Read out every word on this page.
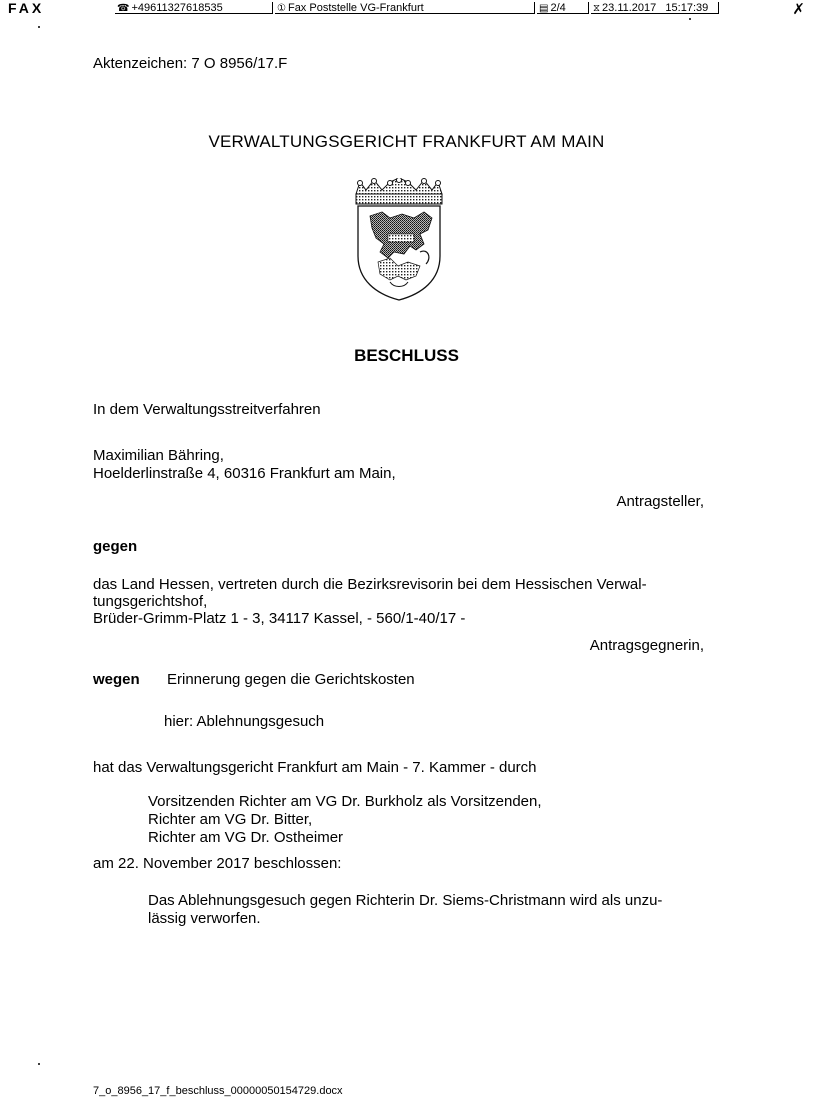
FAX	☎ +49611327618535	① Fax Poststelle VG-Frankfurt	▤ 2/4	⧖ 23.11.2017   15:17:39	✗
Aktenzeichen: 7 O 8956/17.F
VERWALTUNGSGERICHT FRANKFURT AM MAIN
BESCHLUSS
In dem Verwaltungsstreitverfahren
Maximilian Bähring,
Hoelderlinstraße 4, 60316 Frankfurt am Main,
Antragsteller,
gegen
das Land Hessen, vertreten durch die Bezirksrevisorin bei dem Hessischen Verwal-
tungsgerichtshof,
Brüder-Grimm-Platz 1 - 3, 34117 Kassel, - 560/1-40/17 -
Antragsgegnerin,
wegen Erinnerung gegen die Gerichtskosten
hier: Ablehnungsgesuch
hat das Verwaltungsgericht Frankfurt am Main - 7. Kammer - durch
Vorsitzenden Richter am VG Dr. Burkholz als Vorsitzenden,
Richter am VG Dr. Bitter,
Richter am VG Dr. Ostheimer
am 22. November 2017 beschlossen:
Das Ablehnungsgesuch gegen Richterin Dr. Siems-Christmann wird als unzu-
lässig verworfen.
7_o_8956_17_f_beschluss_00000050154729.docx
